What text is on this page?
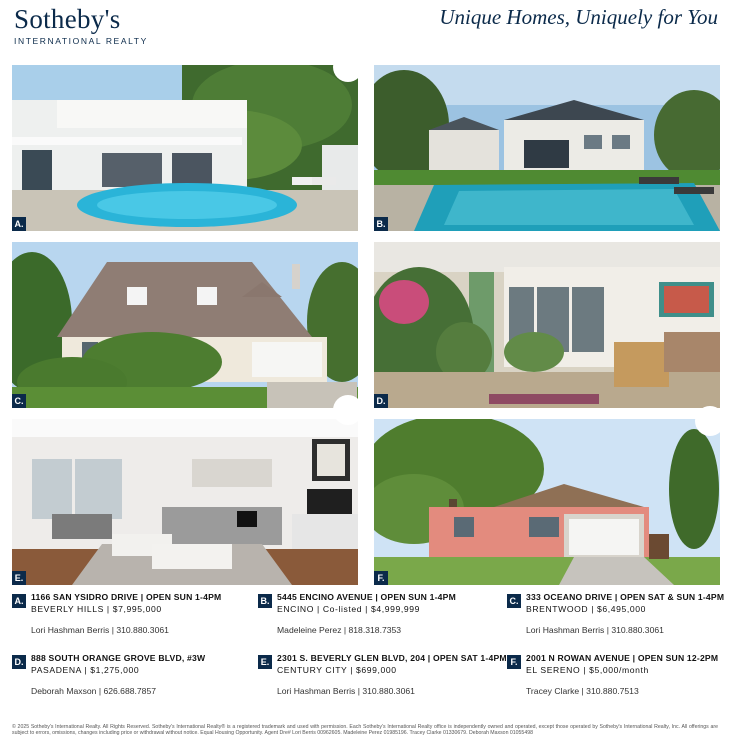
Sotheby's
INTERNATIONAL REALTY
Unique Homes, Uniquely for You
A.	B.
C.	D.
E.	F.
A. 1166 SAN YSIDRO DRIVE | OPEN SUN 1-4PM
BEVERLY HILLS | $7,995,000
Lori Hashman Berris | 310.880.3061
B. 5445 ENCINO AVENUE | OPEN SUN 1-4PM
ENCINO | Co-listed | $4,999,999
Madeleine Perez | 818.318.7353
C. 333 OCEANO DRIVE | OPEN SAT & SUN 1-4PM
BRENTWOOD | $6,495,000
Lori Hashman Berris | 310.880.3061
D. 888 SOUTH ORANGE GROVE BLVD, #3W
PASADENA | $1,275,000
Deborah Maxson | 626.688.7857
E. 2301 S. BEVERLY GLEN BLVD, 204 | OPEN SAT 1-4PM
CENTURY CITY | $699,000
Lori Hashman Berris | 310.880.3061
F. 2001 N ROWAN AVENUE | OPEN SUN 12-2PM
EL SERENO | $5,000/month
Tracey Clarke | 310.880.7513
© 2025 Sotheby's International Realty. All Rights Reserved. Sotheby's International Realty® is a registered trademark and used with permission. Each Sotheby's International Realty office is independently owned and operated, except those operated by Sotheby's International Realty, Inc. All offerings are subject to errors, omissions, changes including price or withdrawal without notice. Equal Housing Opportunity. Agent Dre# Lori Berris 00962605. Madeleine Perez 01985196. Tracey Clarke 01330679. Deborah Maxson 01055498
